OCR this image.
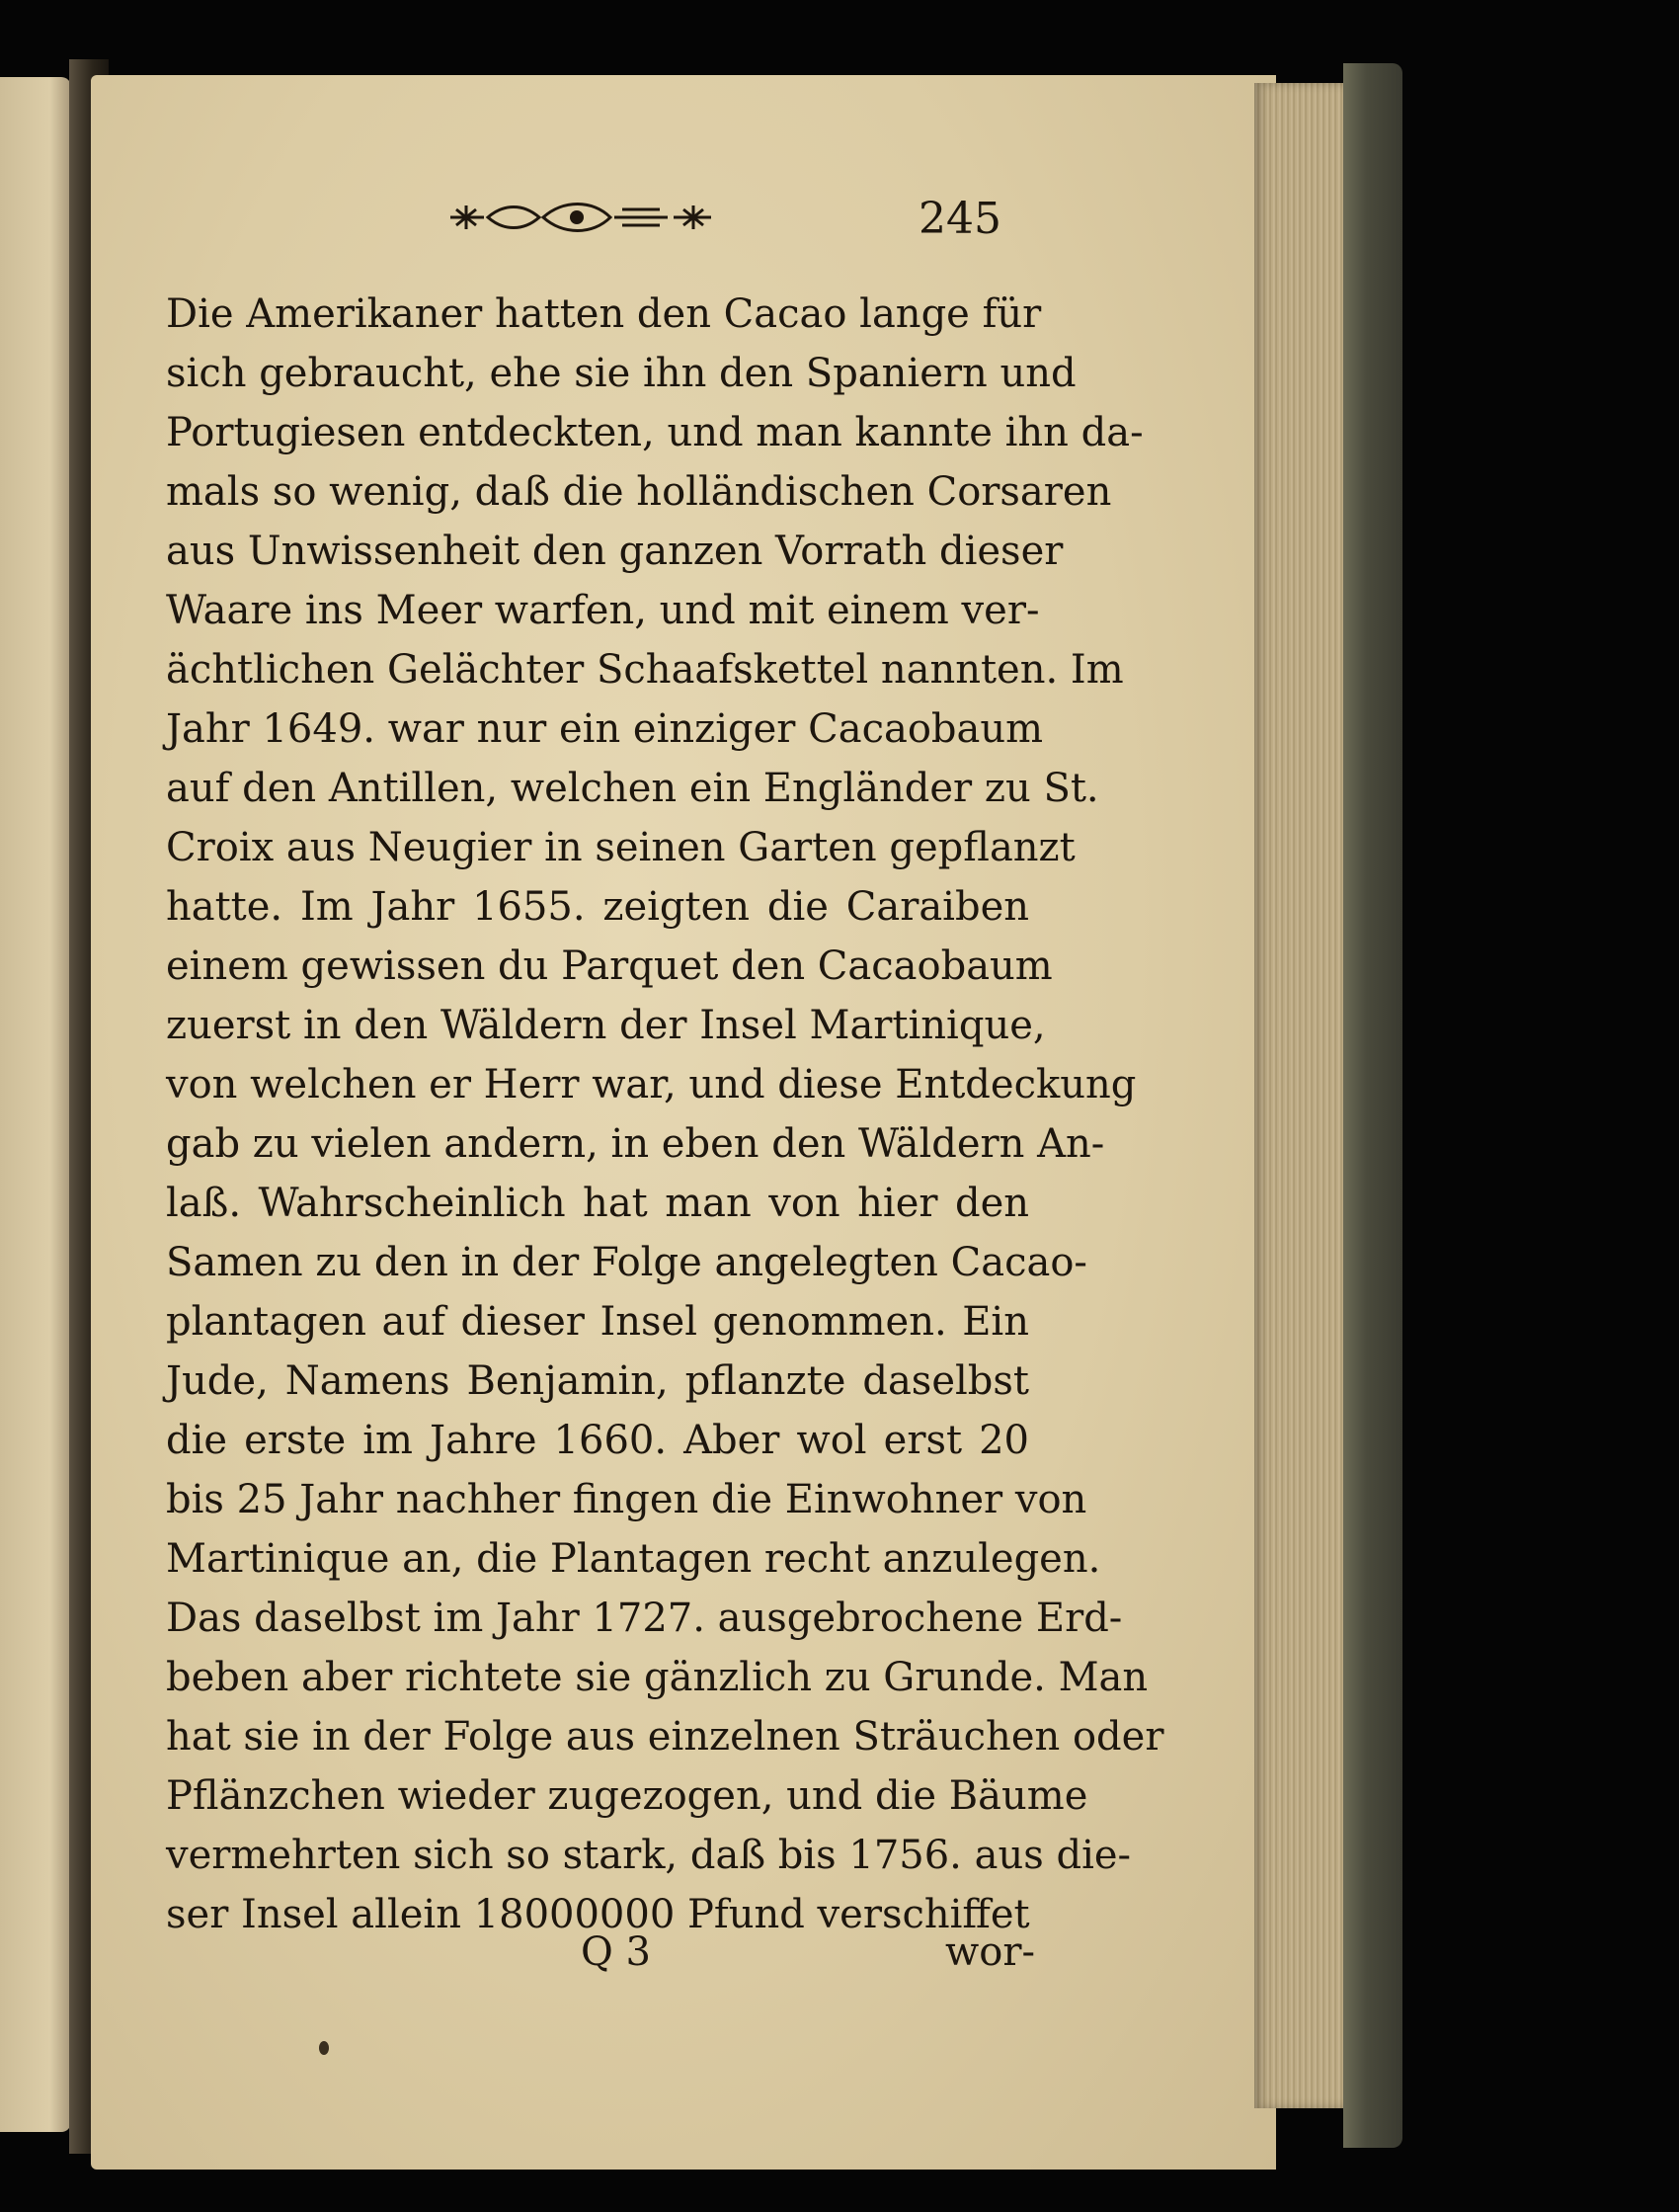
245
Die Amerikaner hatten den Cacao lange für
sich gebraucht, ehe sie ihn den Spaniern und
Portugiesen entdeckten, und man kannte ihn da-
mals so wenig, daß die holländischen Corsaren
aus Unwissenheit den ganzen Vorrath dieser
Waare ins Meer warfen, und mit einem ver-
ächtlichen Gelächter Schaafskettel nannten. Im
Jahr 1649. war nur ein einziger Cacaobaum
auf den Antillen, welchen ein Engländer zu St.
Croix aus Neugier in seinen Garten gepflanzt
hatte. Im Jahr 1655. zeigten die Caraiben
einem gewissen du Parquet den Cacaobaum
zuerst in den Wäldern der Insel Martinique,
von welchen er Herr war, und diese Entdeckung
gab zu vielen andern, in eben den Wäldern An-
laß. Wahrscheinlich hat man von hier den
Samen zu den in der Folge angelegten Cacao-
plantagen auf dieser Insel genommen. Ein
Jude, Namens Benjamin, pflanzte daselbst
die erste im Jahre 1660. Aber wol erst 20
bis 25 Jahr nachher fingen die Einwohner von
Martinique an, die Plantagen recht anzulegen.
Das daselbst im Jahr 1727. ausgebrochene Erd-
beben aber richtete sie gänzlich zu Grunde. Man
hat sie in der Folge aus einzelnen Sträuchen oder
Pflänzchen wieder zugezogen, und die Bäume
vermehrten sich so stark, daß bis 1756. aus die-
ser Insel allein 18000000 Pfund verschiffet
Q 3	wor-
